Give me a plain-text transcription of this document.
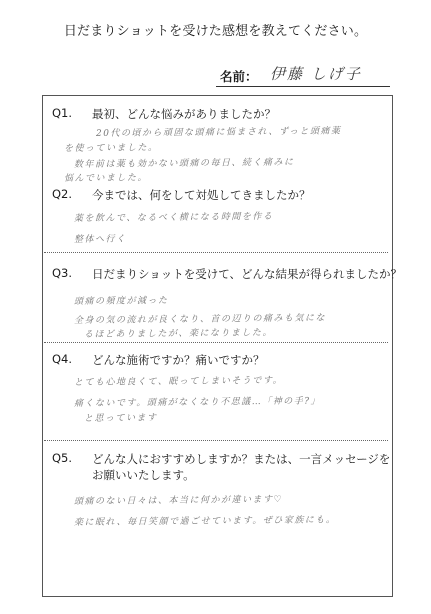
日だまりショットを受けた感想を教えてください。
名前： 伊藤 しげ子
Q1. 最初、どんな悩みがありましたか？
20代の頃から頑固な頭痛に悩まされ、ずっと頭痛薬
を使っていました。
数年前は薬も効かない頭痛の毎日、続く痛みに
悩んでいました。
Q2. 今までは、何をして対処してきましたか？
薬を飲んで、なるべく横になる時間を作る
整体へ行く
Q3. 日だまりショットを受けて、どんな結果が得られましたか？
頭痛の頻度が減った
全身の気の流れが良くなり、首の辺りの痛みも気にな
るほどありましたが、楽になりました。
Q4. どんな施術ですか？痛いですか？
とても心地良くて、眠ってしまいそうです。
痛くないです。頭痛がなくなり不思議…「神の手?」
と思っています
Q5. どんな人におすすめしますか？または、一言メッセージを
お願いいたします。
頭痛のない日々は、本当に何かが違います♡
楽に眠れ、毎日笑顔で過ごせています。ぜひ家族にも。
